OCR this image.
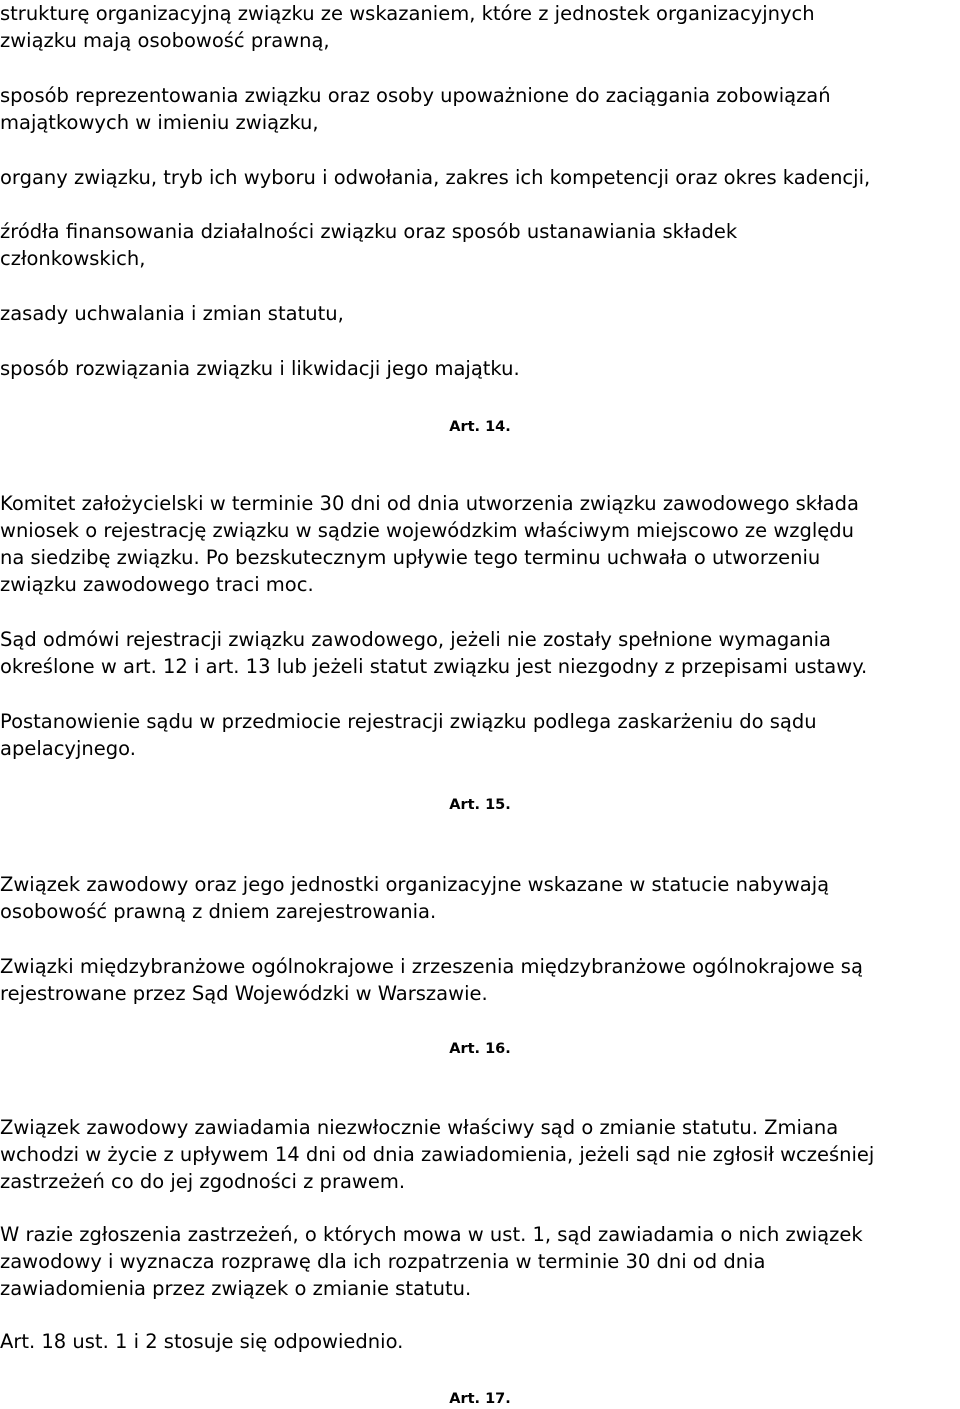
strukturę organizacyjną związku ze wskazaniem, które z jednostek organizacyjnych
związku mają osobowość prawną,

sposób reprezentowania związku oraz osoby upoważnione do zaciągania zobowiązań
majątkowych w imieniu związku,

organy związku, tryb ich wyboru i odwołania, zakres ich kompetencji oraz okres kadencji,

źródła finansowania działalności związku oraz sposób ustanawiania składek
członkowskich,

zasady uchwalania i zmian statutu,

sposób rozwiązania związku i likwidacji jego majątku.

Art. 14.

Komitet założycielski w terminie 30 dni od dnia utworzenia związku zawodowego składa
wniosek o rejestrację związku w sądzie wojewódzkim właściwym miejscowo ze względu
na siedzibę związku. Po bezskutecznym upływie tego terminu uchwała o utworzeniu
związku zawodowego traci moc.

Sąd odmówi rejestracji związku zawodowego, jeżeli nie zostały spełnione wymagania
określone w art. 12 i art. 13 lub jeżeli statut związku jest niezgodny z przepisami ustawy.

Postanowienie sądu w przedmiocie rejestracji związku podlega zaskarżeniu do sądu
apelacyjnego.

Art. 15.

Związek zawodowy oraz jego jednostki organizacyjne wskazane w statucie nabywają
osobowość prawną z dniem zarejestrowania.

Związki międzybranżowe ogólnokrajowe i zrzeszenia międzybranżowe ogólnokrajowe są
rejestrowane przez Sąd Wojewódzki w Warszawie.

Art. 16.

Związek zawodowy zawiadamia niezwłocznie właściwy sąd o zmianie statutu. Zmiana
wchodzi w życie z upływem 14 dni od dnia zawiadomienia, jeżeli sąd nie zgłosił wcześniej
zastrzeżeń co do jej zgodności z prawem.

W razie zgłoszenia zastrzeżeń, o których mowa w ust. 1, sąd zawiadamia o nich związek
zawodowy i wyznacza rozprawę dla ich rozpatrzenia w terminie 30 dni od dnia
zawiadomienia przez związek o zmianie statutu.

Art. 18 ust. 1 i 2 stosuje się odpowiednio.

Art. 17.
